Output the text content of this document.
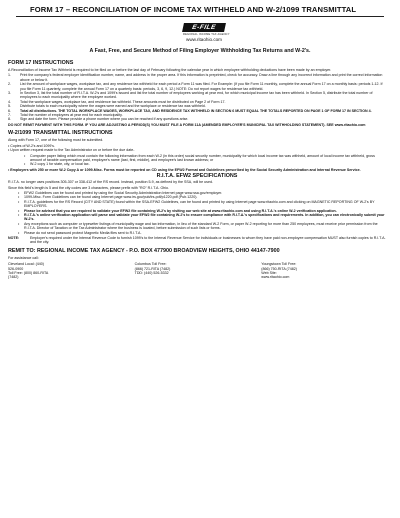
FORM 17 – RECONCILIATION OF INCOME TAX WITHHELD AND W-2/1099 TRANSMITTAL
E-FILE
REGIONAL INCOME TAX AGENCY
www.ritaohio.com
A Fast, Free, and Secure Method of Filing Employer Withholding Tax Returns and W-2's.
FORM 17 INSTRUCTIONS
A Reconciliation of Income Tax Withheld is required to be filed on or before the last day of February following the calendar year in which employee withholding deductions have been made by an employer.
1.	Print the company's federal employer identification number, name, and address in the proper area. If this information is preprinted, check for accuracy. Draw a line through any incorrect information and print the correct information above or below it.
2.	List the amount of workplace wages, workplace tax, and any residence tax withheld for each period a Form 11 was filed. For Example: (If you file Form 11 monthly, complete the annual Form 17 on a monthly basis: periods 1-12. If you file Form 11 quarterly, complete the annual Form 17 on a quarterly basis: periods, 3, 6, 9, 12.) NOTE: Do not report wages for residence tax withheld.
3.	In Section 3, list the total number of R.I.T.A. W-2's and 1099's issued and list the total number of employees working at year end, for which municipal income tax has been withheld. In Section 5, distribute the total number of employees to each municipality where the employee worked.
4.	Total the workplace wages, workplace tax, and residence tax withheld. These amounts must be distributed on Page 2 of Form 17.
5.	Distribute totals to each municipality where the wages were earned and the workplace or residence tax was withheld.
6.	Total all distributions. THE TOTAL WORKPLACE WAGES, WORKPLACE TAX, AND RESIDENCE TAX WITHHELD IN SECTION 6 MUST EQUAL THE TOTALS REPORTED ON PAGE 1 OF FORM 17 IN SECTION 4.
7.	Total the number of employees at year end for each municipality.
8.	Sign and date the form. Please provide a phone number where you can be reached if any questions arise.
DO NOT REMIT PAYMENT WITH THIS FORM. IF YOU ARE ADJUSTING A PERIOD(S) YOU MUST FILE A FORM 11A (AMENDED EMPLOYER'S MUNICIPAL TAX WITHHOLDING STATEMENT). SEE www.ritaohio.com
W-2/1099 TRANSMITTAL INSTRUCTIONS
Along with Form 17, one of the following must be submitted.
• Copies of W-2's and 1099's.
• Upon written request made to the Tax Administrator on or before the due date-
•	Computer paper listing which must contain the following information from each W-2 (in this order) social security number, municipality for which local income tax was withheld, amount of local income tax withheld, gross amount of taxable compensation paid, employee's name (last, first, middle), and employee's last known address; or
•	W-2 copy 1 for state, city, or local tax.
• Employers with 250 or more W-2 Copy A or 1099-Misc. Forms must be reported on CD using the EFW2 Format and Guidelines prescribed by the Social Security Administration and Internal Revenue Service.
R.I.T.A. EFW2 SPECIFICATIONS
R.I.T.A. no longer uses positions 305-307 or 338-412 of the RS record. Instead, position 5-9, as defined by the SSA, will be used.
Since this field's length is 5 and the city codes are 3 characters, please prefix with "RO" R.I.T.A. Ohio.
•	EFW2 Guidelines can be found and printed by using the Social Security Administration Internet page www.ssa.gov/employer.
•	1099-Misc. Form Guidelines can be found using Internet page www.irs.gov/pub/irs-pdf/p1220.pdf (Pub.1220).
•	R.I.T.A. guidelines for the RS Record (CITY AND STATE) found within the SSA-EFW2 Guidelines, can be found and printed by using Internet page www.ritaohio.com and clicking on MAGNETIC REPORTING OF W-2's BY EMPLOYERS.
•	Please be advised that you are required to validate your EFW2 file containing W-2's by visiting our web site at www.ritaohio.com and using R.I.T.A.'s online W-2 verification application.
•	R.I.T.A.'s online verification application will parse and validate your EFW2 file containing W-2's to ensure compliance with R.I.T.A.'s specifications and requirements. In addition, you can electronically submit your W-2's.
•	Any exceptions such as computer or typewriter listings of municipality wage and tax information, in lieu of the standard W-2 Form, or paper W-2 reporting for more than 250 employees, must receive prior permission from the R.I.T.A. Director of Taxation or the Tax Administrator where the business is located, before submission of such lists or forms.
•	Please do not send password protect Magnetic Media files sent to R.I.T.A.
NOTE:	Employer's required under the Internal Revenue Code to furnish 1099's to the Internal Revenue Service for individuals or businesses to whom they have paid non-employee compensation MUST also furnish copies to R.I.T.A. and the city.
REMIT TO: REGIONAL INCOME TAX AGENCY - P.O. BOX 477900 BROADVIEW HEIGHTS, OHIO 44147-7900
For assistance call:
Cleveland Local: (440) 526-0900
Toll Free: (800) 860-RITA (7482)
Columbus Toll Free: (866) 721-RITA (7482)
TDD: (440) 526-5332
Youngstown Toll Free: (866) 750-RITA (7482)
Web Site: www.ritaohio.com
